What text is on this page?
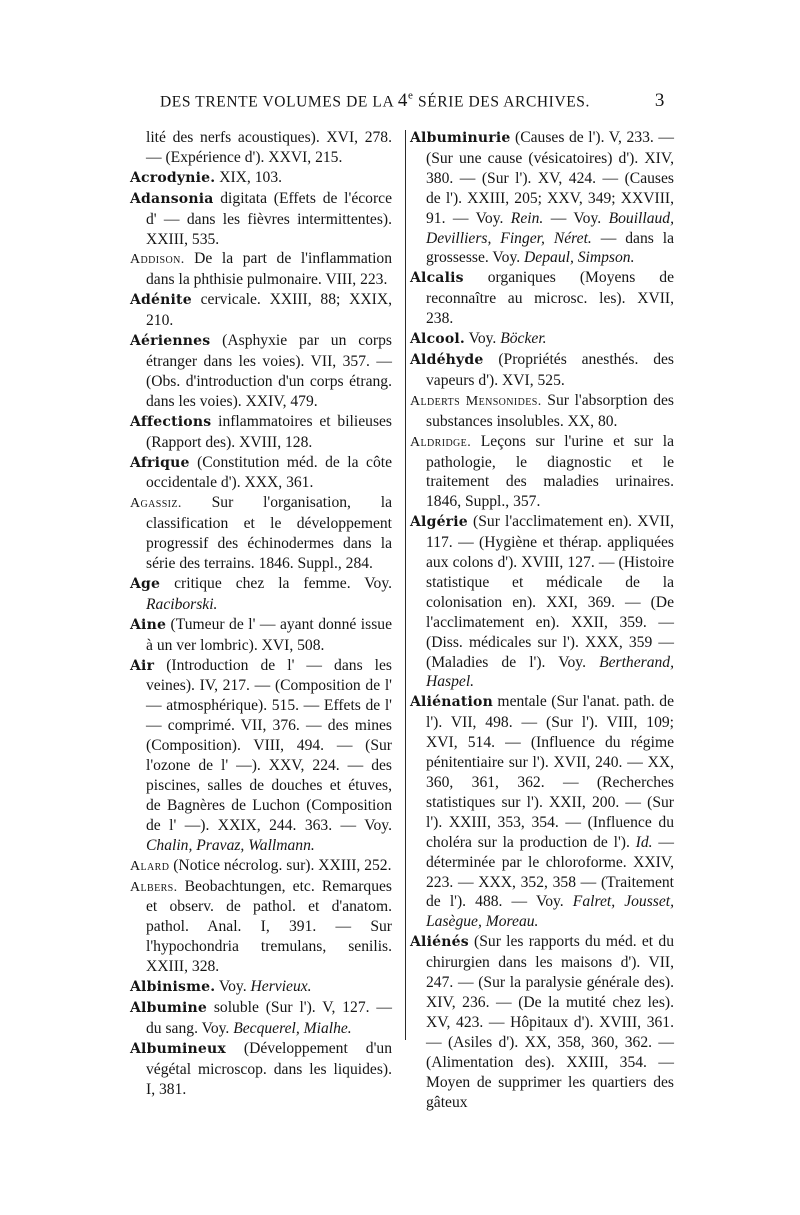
DES TRENTE VOLUMES DE LA 4e SÉRIE DES ARCHIVES.	3

lité des nerfs acoustiques). XVI, 278. — (Expérience d'). XXVI, 215.

Acrodynie. XIX, 103.

Adansonia digitata (Effets de l'écorce d' — dans les fièvres intermittentes). XXIII, 535.

Addison. De la part de l'inflammation dans la phthisie pulmonaire. VIII, 223.

Adénite cervicale. XXIII, 88; XXIX, 210.

Aériennes (Asphyxie par un corps étranger dans les voies). VII, 357. — (Obs. d'introduction d'un corps étrang. dans les voies). XXIV, 479.

Affections inflammatoires et bilieuses (Rapport des). XVIII, 128.

Afrique (Constitution méd. de la côte occidentale d'). XXX, 361.

Agassiz. Sur l'organisation, la classification et le développement progressif des échinodermes dans la série des terrains. 1846. Suppl., 284.

Age critique chez la femme. Voy. Raciborski.

Aine (Tumeur de l' — ayant donné issue à un ver lombric). XVI, 508.

Air (Introduction de l' — dans les veines). IV, 217. — (Composition de l' — atmosphérique). 515. — Effets de l' — comprimé. VII, 376. — des mines (Composition). VIII, 494. — (Sur l'ozone de l' —). XXV, 224. — des piscines, salles de douches et étuves, de Bagnères de Luchon (Composition de l' —). XXIX, 244. 363. — Voy. Chalin, Pravaz, Wallmann.

Alard (Notice nécrolog. sur). XXIII, 252.

Albers. Beobachtungen, etc. Remarques et observ. de pathol. et d'anatom. pathol. Anal. I, 391. — Sur l'hypochondria tremulans, senilis. XXIII, 328.

Albinisme. Voy. Hervieux.

Albumine soluble (Sur l'). V, 127. — du sang. Voy. Becquerel, Mialhe.

Albumineux (Développement d'un végétal microscop. dans les liquides). I, 381.

Albuminurie (Causes de l'). V, 233. — (Sur une cause (vésicatoires) d'). XIV, 380. — (Sur l'). XV, 424. — (Causes de l'). XXIII, 205; XXV, 349; XXVIII, 91. — Voy. Rein. — Voy. Bouillaud, Devilliers, Finger, Néret. — dans la grossesse. Voy. Depaul, Simpson.

Alcalis organiques (Moyens de reconnaître au microsc. les). XVII, 238.

Alcool. Voy. Böcker.

Aldéhyde (Propriétés anesthés. des vapeurs d'). XVI, 525.

Alderts Mensonides. Sur l'absorption des substances insolubles. XX, 80.

Aldridge. Leçons sur l'urine et sur la pathologie, le diagnostic et le traitement des maladies urinaires. 1846, Suppl., 357.

Algérie (Sur l'acclimatement en). XVII, 117. — (Hygiène et thérap. appliquées aux colons d'). XVIII, 127. — (Histoire statistique et médicale de la colonisation en). XXI, 369. — (De l'acclimatement en). XXII, 359. — (Diss. médicales sur l'). XXX, 359 — (Maladies de l'). Voy. Bertherand, Haspel.

Aliénation mentale (Sur l'anat. path. de l'). VII, 498. — (Sur l'). VIII, 109; XVI, 514. — (Influence du régime pénitentiaire sur l'). XVII, 240. — XX, 360, 361, 362. — (Recherches statistiques sur l'). XXII, 200. — (Sur l'). XXIII, 353, 354. — (Influence du choléra sur la production de l'). Id. — déterminée par le chloroforme. XXIV, 223. — XXX, 352, 358 — (Traitement de l'). 488. — Voy. Falret, Jousset, Lasègue, Moreau.

Aliénés (Sur les rapports du méd. et du chirurgien dans les maisons d'). VII, 247. — (Sur la paralysie générale des). XIV, 236. — (De la mutité chez les). XV, 423. — Hôpitaux d'). XVIII, 361. — (Asiles d'). XX, 358, 360, 362. — (Alimentation des). XXIII, 354. — Moyen de supprimer les quartiers des gâteux
